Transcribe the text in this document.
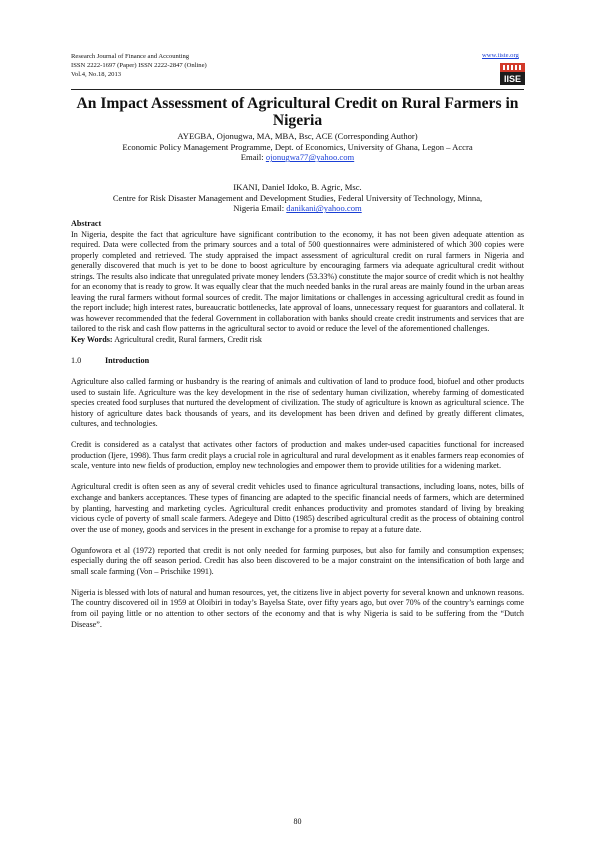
Research Journal of Finance and Accounting
ISSN 2222-1697 (Paper) ISSN 2222-2847 (Online)
Vol.4, No.18, 2013
www.iiste.org
IISE
An Impact Assessment of Agricultural Credit on Rural Farmers in Nigeria
AYEGBA, Ojonugwa, MA, MBA, Bsc, ACE (Corresponding Author)
Economic Policy Management Programme, Dept. of Economics, University of Ghana, Legon – Accra
Email: ojonugwa77@yahoo.com
IKANI, Daniel Idoko, B. Agric, Msc.
Centre for Risk Disaster Management and Development Studies, Federal University of Technology, Minna,
Nigeria Email: danikani@yahoo.com

Abstract

In Nigeria, despite the fact that agriculture have significant contribution to the economy, it has not been given adequate attention as required. Data were collected from the primary sources and a total of 500 questionnaires were administered of which 300 copies were properly completed and retrieved. The study appraised the impact assessment of agricultural credit on rural farmers in Nigeria and generally discovered that much is yet to be done to boost agriculture by encouraging farmers via adequate agricultural credit without strings. The results also indicate that unregulated private money lenders (53.33%) constitute the major source of credit which is not healthy for an economy that is ready to grow. It was equally clear that the much needed banks in the rural areas are mainly found in the urban areas leaving the rural farmers without formal sources of credit. The major limitations or challenges in accessing agricultural credit as found in the report include; high interest rates, bureaucratic bottlenecks, late approval of loans, unnecessary request for guarantors and collateral. It was however recommended that the federal Government in collaboration with banks should create credit instruments and services that are tailored to the risk and cash flow patterns in the agricultural sector to avoid or reduce the level of the aforementioned challenges.

Key Words: Agricultural credit, Rural farmers, Credit risk

1.0	Introduction

Agriculture also called farming or husbandry is the rearing of animals and cultivation of land to produce food, biofuel and other products used to sustain life. Agriculture was the key development in the rise of sedentary human civilization, whereby farming of domesticated species created food surpluses that nurtured the development of civilization. The study of agriculture is known as agricultural science. The history of agriculture dates back thousands of years, and its development has been driven and defined by greatly different climates, cultures, and technologies.

Credit is considered as a catalyst that activates other factors of production and makes under-used capacities functional for increased production (Ijere, 1998). Thus farm credit plays a crucial role in agricultural and rural development as it enables farmers reap economies of scale, venture into new fields of production, employ new technologies and empower them to provide utilities for a widening market.

Agricultural credit is often seen as any of several credit vehicles used to finance agricultural transactions, including loans, notes, bills of exchange and bankers acceptances. These types of financing are adapted to the specific financial needs of farmers, which are determined by planting, harvesting and marketing cycles. Agricultural credit enhances productivity and promotes standard of living by breaking vicious cycle of poverty of small scale farmers. Adegeye and Ditto (1985) described agricultural credit as the process of obtaining control over the use of money, goods and services in the present in exchange for a promise to repay at a future date.

Ogunfowora et al (1972) reported that credit is not only needed for farming purposes, but also for family and consumption expenses; especially during the off season period. Credit has also been discovered to be a major constraint on the intensification of both large and small scale farming (Von – Prischike 1991).

Nigeria is blessed with lots of natural and human resources, yet, the citizens live in abject poverty for several known and unknown reasons. The country discovered oil in 1959 at Oloibiri in today’s Bayelsa State, over fifty years ago, but over 70% of the country’s earnings come from oil paying little or no attention to other sectors of the economy and that is why Nigeria is said to be suffering from the “Dutch Disease”.

80
